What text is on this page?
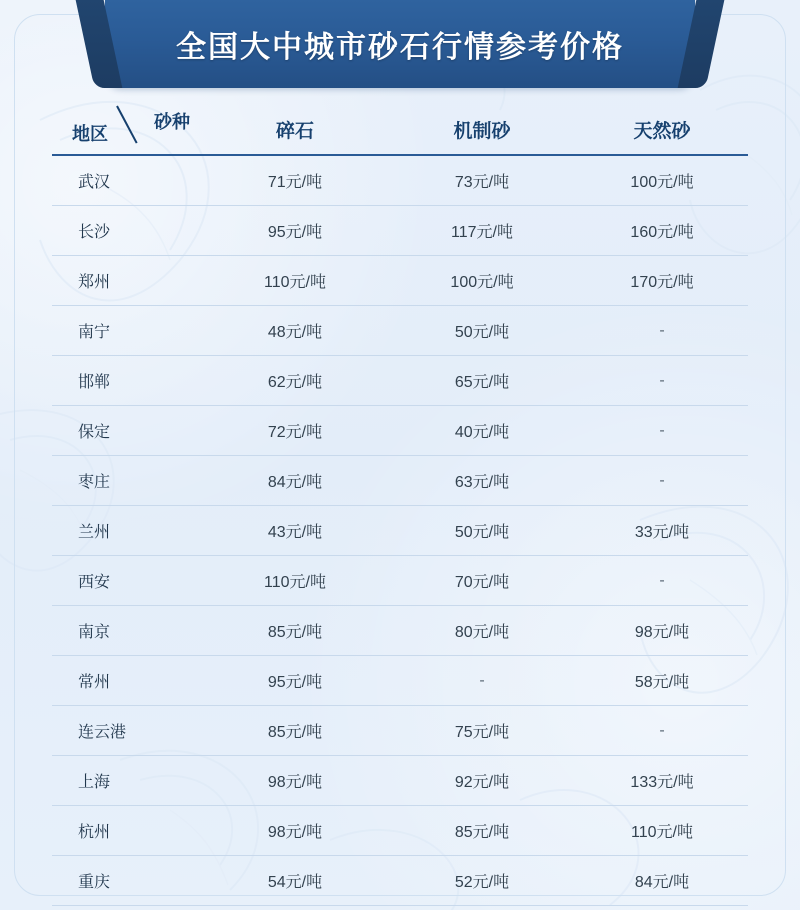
全国大中城市砂石行情参考价格
地区
砂种	碎石	机制砂	天然砂
武汉	71元/吨	73元/吨	100元/吨
长沙	95元/吨	117元/吨	160元/吨
郑州	110元/吨	100元/吨	170元/吨
南宁	48元/吨	50元/吨	-
邯郸	62元/吨	65元/吨	-
保定	72元/吨	40元/吨	-
枣庄	84元/吨	63元/吨	-
兰州	43元/吨	50元/吨	33元/吨
西安	110元/吨	70元/吨	-
南京	85元/吨	80元/吨	98元/吨
常州	95元/吨	-	58元/吨
连云港	85元/吨	75元/吨	-
上海	98元/吨	92元/吨	133元/吨
杭州	98元/吨	85元/吨	110元/吨
重庆	54元/吨	52元/吨	84元/吨
